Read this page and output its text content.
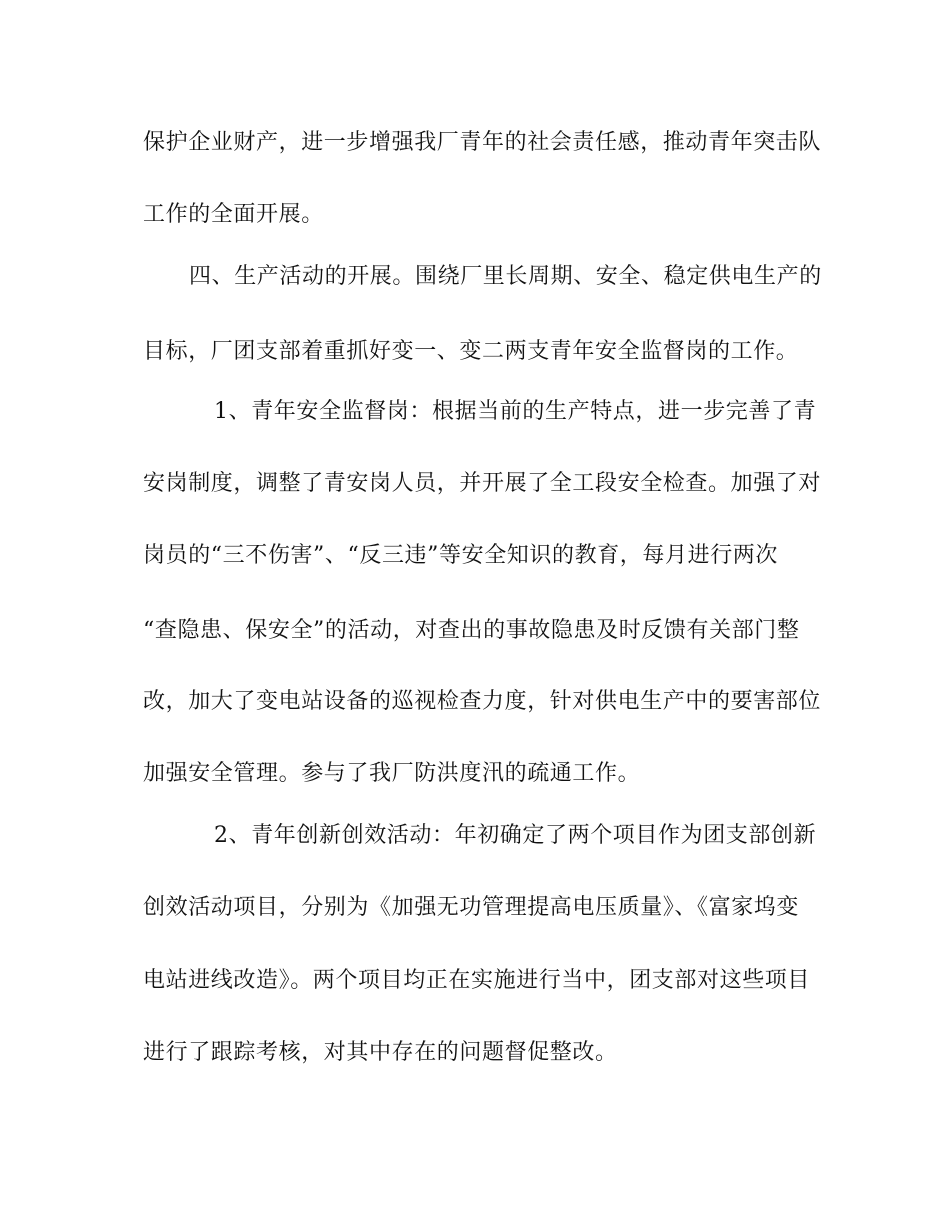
保护企业财产，进一步增强我厂青年的社会责任感，推动青年突击队

工作的全面开展。

四、生产活动的开展。围绕厂里长周期、安全、稳定供电生产的

目标，厂团支部着重抓好变一、变二两支青年安全监督岗的工作。

1、青年安全监督岗：根据当前的生产特点，进一步完善了青

安岗制度，调整了青安岗人员，并开展了全工段安全检查。加强了对

岗员的“三不伤害”、“反三违”等安全知识的教育，每月进行两次

“查隐患、保安全”的活动，对查出的事故隐患及时反馈有关部门整

改，加大了变电站设备的巡视检查力度，针对供电生产中的要害部位

加强安全管理。参与了我厂防洪度汛的疏通工作。

2、青年创新创效活动：年初确定了两个项目作为团支部创新

创效活动项目，分别为《加强无功管理提高电压质量》、《富家坞变

电站进线改造》。两个项目均正在实施进行当中，团支部对这些项目

进行了跟踪考核，对其中存在的问题督促整改。
